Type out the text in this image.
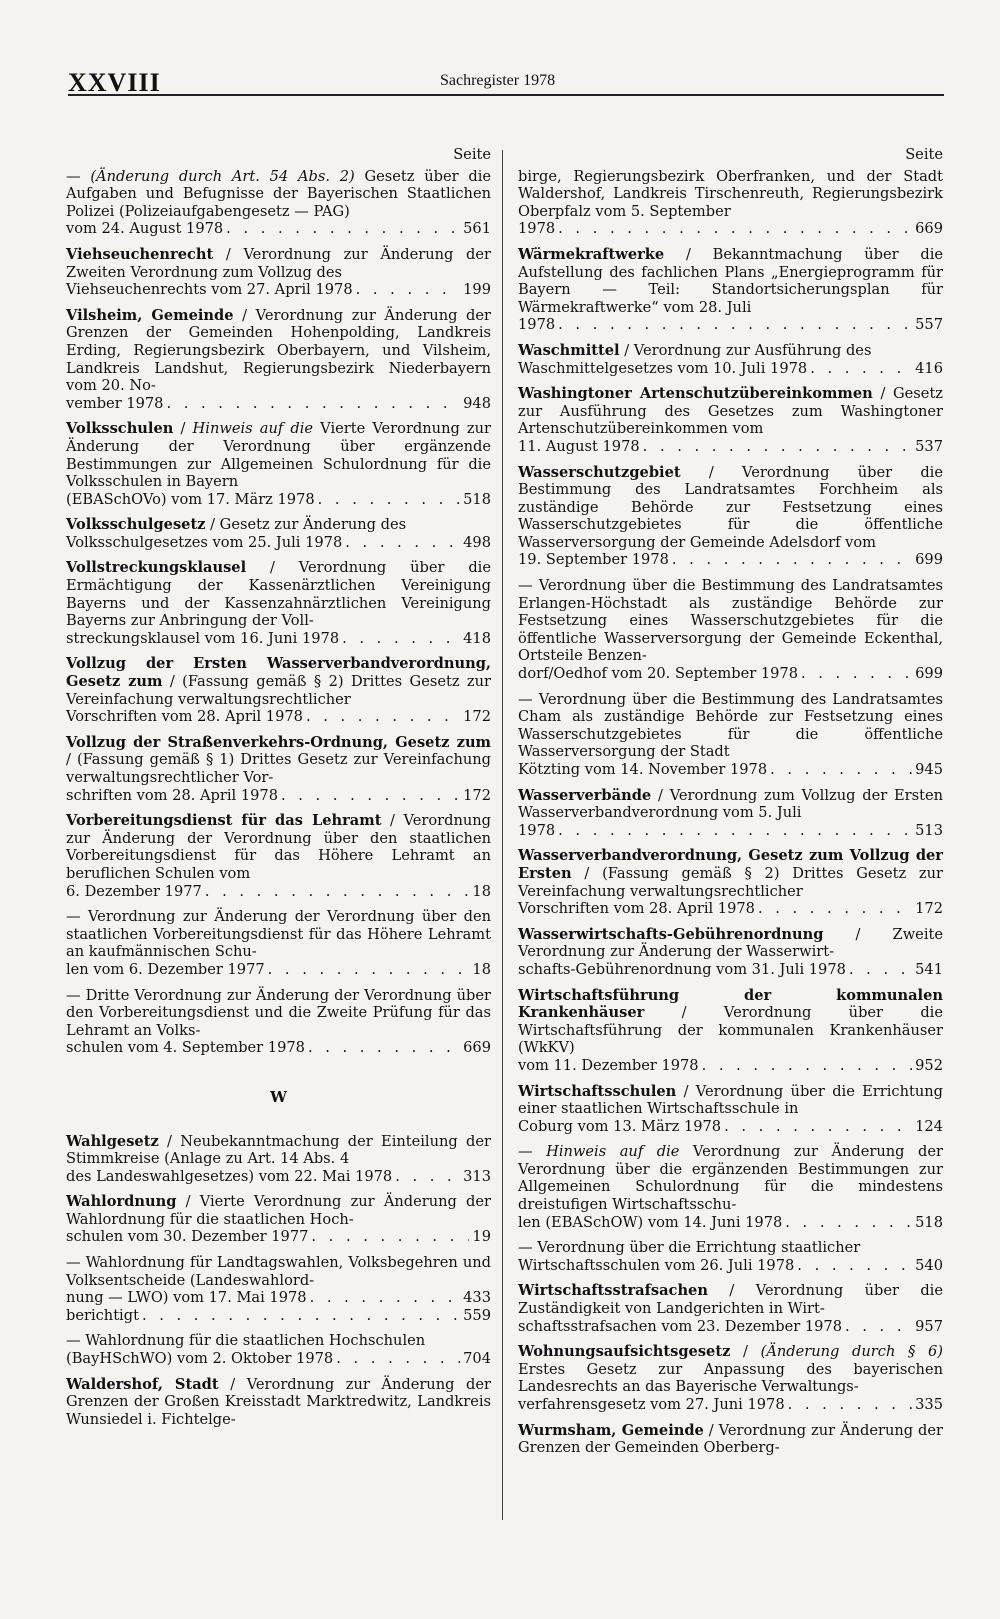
XXVIII	Sachregister 1978
Seite
— (Änderung durch Art. 54 Abs. 2) Gesetz über die Aufgaben und Befugnisse der Bayerischen Staatlichen Polizei (Polizeiaufgabengesetz — PAG)
vom 24. August 1978 . . .	561
Viehseuchenrecht / Verordnung zur Änderung der Zweiten Verordnung zum Vollzug des
Viehseuchenrechts vom 27. April 1978 . . .	199
Vilsheim, Gemeinde / Verordnung zur Änderung der Grenzen der Gemeinden Hohenpolding, Landkreis Erding, Regierungsbezirk Oberbayern, und Vilsheim, Landkreis Landshut, Regierungsbezirk Niederbayern vom 20. No-
vember 1978 . . .	948
Volksschulen / Hinweis auf die Vierte Verordnung zur Änderung der Verordnung über ergänzende Bestimmungen zur Allgemeinen Schulordnung für die Volksschulen in Bayern
(EBASchOVo) vom 17. März 1978 . . .	518
Volksschulgesetz / Gesetz zur Änderung des
Volksschulgesetzes vom 25. Juli 1978 . . .	498
Vollstreckungsklausel / Verordnung über die Ermächtigung der Kassenärztlichen Vereinigung Bayerns und der Kassenzahnärztlichen Vereinigung Bayerns zur Anbringung der Voll-
streckungsklausel vom 16. Juni 1978 . . .	418
Vollzug der Ersten Wasserverbandverordnung, Gesetz zum / (Fassung gemäß § 2) Drittes Gesetz zur Vereinfachung verwaltungsrechtlicher
Vorschriften vom 28. April 1978 . . .	172
Vollzug der Straßenverkehrs-Ordnung, Gesetz zum / (Fassung gemäß § 1) Drittes Gesetz zur Vereinfachung verwaltungsrechtlicher Vor-
schriften vom 28. April 1978 . . .	172
Vorbereitungsdienst für das Lehramt / Verordnung zur Änderung der Verordnung über den staatlichen Vorbereitungsdienst für das Höhere Lehramt an beruflichen Schulen vom
6. Dezember 1977 . . .	18
— Verordnung zur Änderung der Verordnung über den staatlichen Vorbereitungsdienst für das Höhere Lehramt an kaufmännischen Schu-
len vom 6. Dezember 1977 . . .	18
— Dritte Verordnung zur Änderung der Verordnung über den Vorbereitungsdienst und die Zweite Prüfung für das Lehramt an Volks-
schulen vom 4. September 1978 . . .	669
W
Wahlgesetz / Neubekanntmachung der Einteilung der Stimmkreise (Anlage zu Art. 14 Abs. 4
des Landeswahlgesetzes) vom 22. Mai 1978 . . .	313
Wahlordnung / Vierte Verordnung zur Änderung der Wahlordnung für die staatlichen Hoch-
schulen vom 30. Dezember 1977 . . .	19
— Wahlordnung für Landtagswahlen, Volksbegehren und Volksentscheide (Landeswahlord-
nung — LWO) vom 17. Mai 1978 . . .	433
berichtigt . . .	559
— Wahlordnung für die staatlichen Hochschulen
(BayHSchWO) vom 2. Oktober 1978 . . .	704
Waldershof, Stadt / Verordnung zur Änderung der Grenzen der Großen Kreisstadt Marktredwitz, Landkreis Wunsiedel i. Fichtelge-
Seite
birge, Regierungsbezirk Oberfranken, und der Stadt Waldershof, Landkreis Tirschenreuth, Regierungsbezirk Oberpfalz vom 5. September
1978 . . .	669
Wärmekraftwerke / Bekanntmachung über die Aufstellung des fachlichen Plans „Energieprogramm für Bayern — Teil: Standortsicherungsplan für Wärmekraftwerke“ vom 28. Juli
1978 . . .	557
Waschmittel / Verordnung zur Ausführung des
Waschmittelgesetzes vom 10. Juli 1978 . . .	416
Washingtoner Artenschutzübereinkommen / Gesetz zur Ausführung des Gesetzes zum Washingtoner Artenschutzübereinkommen vom
11. August 1978 . . .	537
Wasserschutzgebiet / Verordnung über die Bestimmung des Landratsamtes Forchheim als zuständige Behörde zur Festsetzung eines Wasserschutzgebietes für die öffentliche Wasserversorgung der Gemeinde Adelsdorf vom
19. September 1978 . . .	699
— Verordnung über die Bestimmung des Landratsamtes Erlangen-Höchstadt als zuständige Behörde zur Festsetzung eines Wasserschutzgebietes für die öffentliche Wasserversorgung der Gemeinde Eckenthal, Ortsteile Benzen-
dorf/Oedhof vom 20. September 1978 . . .	699
— Verordnung über die Bestimmung des Landratsamtes Cham als zuständige Behörde zur Festsetzung eines Wasserschutzgebietes für die öffentliche Wasserversorgung der Stadt
Kötzting vom 14. November 1978 . . .	945
Wasserverbände / Verordnung zum Vollzug der Ersten Wasserverbandverordnung vom 5. Juli
1978 . . .	513
Wasserverbandverordnung, Gesetz zum Vollzug der Ersten / (Fassung gemäß § 2) Drittes Gesetz zur Vereinfachung verwaltungsrechtlicher
Vorschriften vom 28. April 1978 . . .	172
Wasserwirtschafts-Gebührenordnung / Zweite Verordnung zur Änderung der Wasserwirt-
schafts-Gebührenordnung vom 31. Juli 1978 . . .	541
Wirtschaftsführung der kommunalen Krankenhäuser / Verordnung über die Wirtschaftsführung der kommunalen Krankenhäuser (WkKV)
vom 11. Dezember 1978 . . .	952
Wirtschaftsschulen / Verordnung über die Errichtung einer staatlichen Wirtschaftsschule in
Coburg vom 13. März 1978 . . .	124
— Hinweis auf die Verordnung zur Änderung der Verordnung über die ergänzenden Bestimmungen zur Allgemeinen Schulordnung für die mindestens dreistufigen Wirtschaftsschu-
len (EBASchOW) vom 14. Juni 1978 . . .	518
— Verordnung über die Errichtung staatlicher
Wirtschaftsschulen vom 26. Juli 1978 . . .	540
Wirtschaftsstrafsachen / Verordnung über die Zuständigkeit von Landgerichten in Wirt-
schaftsstrafsachen vom 23. Dezember 1978 . . .	957
Wohnungsaufsichtsgesetz / (Änderung durch § 6) Erstes Gesetz zur Anpassung des bayerischen Landesrechts an das Bayerische Verwaltungs-
verfahrensgesetz vom 27. Juni 1978 . . .	335
Wurmsham, Gemeinde / Verordnung zur Änderung der Grenzen der Gemeinden Oberberg-
